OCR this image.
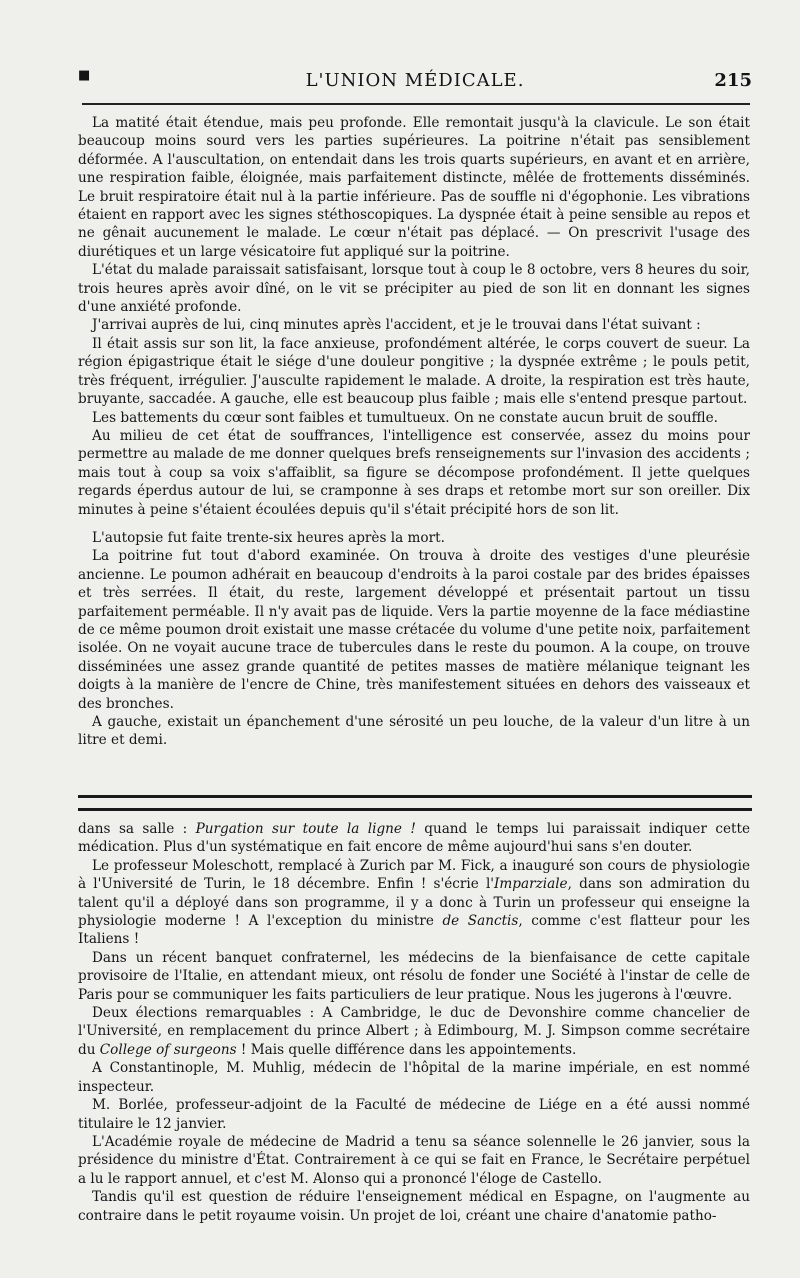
■	L'UNION MÉDICALE.	215

La matité était étendue, mais peu profonde. Elle remontait jusqu'à la clavicule. Le son était beaucoup moins sourd vers les parties supérieures. La poitrine n'était pas sensiblement déformée. A l'auscultation, on entendait dans les trois quarts supérieurs, en avant et en arrière, une respiration faible, éloignée, mais parfaitement distincte, mêlée de frottements disséminés. Le bruit respiratoire était nul à la partie inférieure. Pas de souffle ni d'égophonie. Les vibrations étaient en rapport avec les signes stéthoscopiques. La dyspnée était à peine sensible au repos et ne gênait aucunement le malade. Le cœur n'était pas déplacé. — On prescrivit l'usage des diurétiques et un large vésicatoire fut appliqué sur la poitrine.

L'état du malade paraissait satisfaisant, lorsque tout à coup le 8 octobre, vers 8 heures du soir, trois heures après avoir dîné, on le vit se précipiter au pied de son lit en donnant les signes d'une anxiété profonde.

J'arrivai auprès de lui, cinq minutes après l'accident, et je le trouvai dans l'état suivant :

Il était assis sur son lit, la face anxieuse, profondément altérée, le corps couvert de sueur. La région épigastrique était le siége d'une douleur pongitive ; la dyspnée extrême ; le pouls petit, très fréquent, irrégulier. J'ausculte rapidement le malade. A droite, la respiration est très haute, bruyante, saccadée. A gauche, elle est beaucoup plus faible ; mais elle s'entend presque partout.

Les battements du cœur sont faibles et tumultueux. On ne constate aucun bruit de souffle.

Au milieu de cet état de souffrances, l'intelligence est conservée, assez du moins pour permettre au malade de me donner quelques brefs renseignements sur l'invasion des accidents ; mais tout à coup sa voix s'affaiblit, sa figure se décompose profondément. Il jette quelques regards éperdus autour de lui, se cramponne à ses draps et retombe mort sur son oreiller. Dix minutes à peine s'étaient écoulées depuis qu'il s'était précipité hors de son lit.

L'autopsie fut faite trente-six heures après la mort.

La poitrine fut tout d'abord examinée. On trouva à droite des vestiges d'une pleurésie ancienne. Le poumon adhérait en beaucoup d'endroits à la paroi costale par des brides épaisses et très serrées. Il était, du reste, largement développé et présentait partout un tissu parfaitement perméable. Il n'y avait pas de liquide. Vers la partie moyenne de la face médiastine de ce même poumon droit existait une masse crétacée du volume d'une petite noix, parfaitement isolée. On ne voyait aucune trace de tubercules dans le reste du poumon. A la coupe, on trouve disséminées une assez grande quantité de petites masses de matière mélanique teignant les doigts à la manière de l'encre de Chine, très manifestement situées en dehors des vaisseaux et des bronches.

A gauche, existait un épanchement d'une sérosité un peu louche, de la valeur d'un litre à un litre et demi.

dans sa salle : Purgation sur toute la ligne ! quand le temps lui paraissait indiquer cette médication. Plus d'un systématique en fait encore de même aujourd'hui sans s'en douter.

Le professeur Moleschott, remplacé à Zurich par M. Fick, a inauguré son cours de physiologie à l'Université de Turin, le 18 décembre. Enfin ! s'écrie l'Imparziale, dans son admiration du talent qu'il a déployé dans son programme, il y a donc à Turin un professeur qui enseigne la physiologie moderne ! A l'exception du ministre de Sanctis, comme c'est flatteur pour les Italiens !

Dans un récent banquet confraternel, les médecins de la bienfaisance de cette capitale provisoire de l'Italie, en attendant mieux, ont résolu de fonder une Société à l'instar de celle de Paris pour se communiquer les faits particuliers de leur pratique. Nous les jugerons à l'œuvre.

Deux élections remarquables : A Cambridge, le duc de Devonshire comme chancelier de l'Université, en remplacement du prince Albert ; à Edimbourg, M. J. Simpson comme secrétaire du College of surgeons ! Mais quelle différence dans les appointements.

A Constantinople, M. Muhlig, médecin de l'hôpital de la marine impériale, en est nommé inspecteur.

M. Borlée, professeur-adjoint de la Faculté de médecine de Liége en a été aussi nommé titulaire le 12 janvier.

L'Académie royale de médecine de Madrid a tenu sa séance solennelle le 26 janvier, sous la présidence du ministre d'État. Contrairement à ce qui se fait en France, le Secrétaire perpétuel a lu le rapport annuel, et c'est M. Alonso qui a prononcé l'éloge de Castello.

Tandis qu'il est question de réduire l'enseignement médical en Espagne, on l'augmente au contraire dans le petit royaume voisin. Un projet de loi, créant une chaire d'anatomie patho-
